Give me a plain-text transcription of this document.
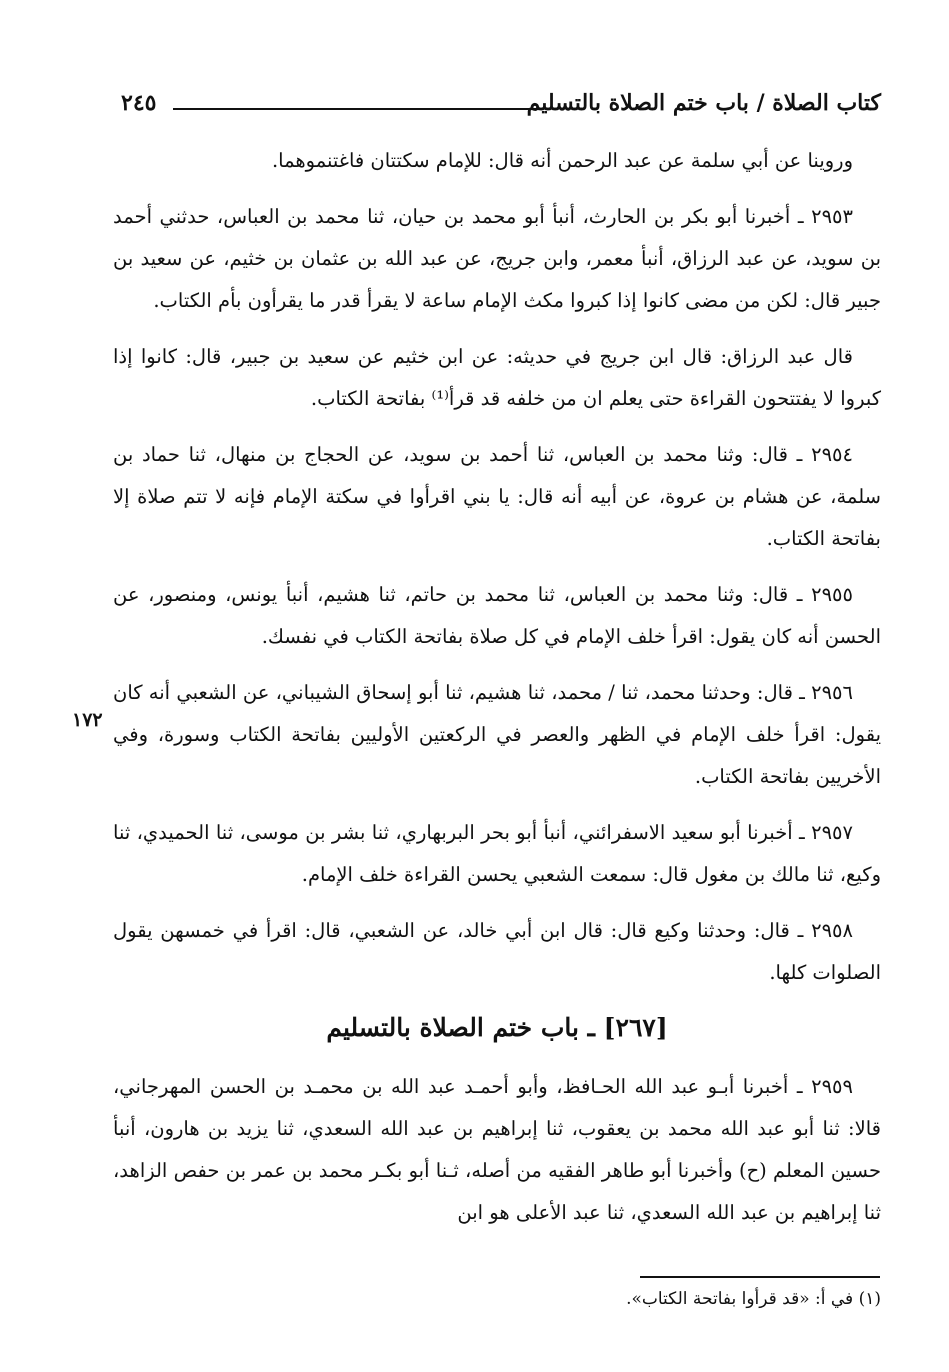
كتاب الصلاة / باب ختم الصلاة بالتسليم
٢٤٥
١٧٢

وروينا عن أبي سلمة عن عبد الرحمن أنه قال: للإمام سكتتان فاغتنموهما.

٢٩٥٣ ـ أخبرنا أبو بكر بن الحارث، أنبأ أبو محمد بن حيان، ثنا محمد بن العباس، حدثني أحمد بن سويد، عن عبد الرزاق، أنبأ معمر، وابن جريج، عن عبد الله بن عثمان بن خثيم، عن سعيد بن جبير قال: لكن من مضى كانوا إذا كبروا مكث الإمام ساعة لا يقرأ قدر ما يقرأون بأم الكتاب.

قال عبد الرزاق: قال ابن جريج في حديثه: عن ابن خثيم عن سعيد بن جبير، قال: كانوا إذا كبروا لا يفتتحون القراءة حتى يعلم ان من خلفه قد قرأ⁽¹⁾ بفاتحة الكتاب.

٢٩٥٤ ـ قال: وثنا محمد بن العباس، ثنا أحمد بن سويد، عن الحجاج بن منهال، ثنا حماد بن سلمة، عن هشام بن عروة، عن أبيه أنه قال: يا بني اقرأوا في سكتة الإمام فإنه لا تتم صلاة إلا بفاتحة الكتاب.

٢٩٥٥ ـ قال: وثنا محمد بن العباس، ثنا محمد بن حاتم، ثنا هشيم، أنبأ يونس، ومنصور، عن الحسن أنه كان يقول: اقرأ خلف الإمام في كل صلاة بفاتحة الكتاب في نفسك.

٢٩٥٦ ـ قال: وحدثنا محمد، ثنا / محمد، ثنا هشيم، ثنا أبو إسحاق الشيباني، عن الشعبي أنه كان يقول: اقرأ خلف الإمام في الظهر والعصر في الركعتين الأوليين بفاتحة الكتاب وسورة، وفي الأخريين بفاتحة الكتاب.

٢٩٥٧ ـ أخبرنا أبو سعيد الاسفرائني، أنبأ أبو بحر البربهاري، ثنا بشر بن موسى، ثنا الحميدي، ثنا وكيع، ثنا مالك بن مغول قال: سمعت الشعبي يحسن القراءة خلف الإمام.

٢٩٥٨ ـ قال: وحدثنا وكيع قال: قال ابن أبي خالد، عن الشعبي، قال: اقرأ في خمسهن يقول الصلوات كلها.

[٢٦٧] ـ باب ختم الصلاة بالتسليم

٢٩٥٩ ـ أخبرنا أبـو عبد الله الحـافظ، وأبو أحمـد عبد الله بن محمـد بن الحسن المهرجاني، قالا: ثنا أبو عبد الله محمد بن يعقوب، ثنا إبراهيم بن عبد الله السعدي، ثنا يزيد بن هارون، أنبأ حسين المعلم (ح) وأخبرنا أبو طاهر الفقيه من أصله، ثـنا أبو بكـر محمد بن عمر بن حفص الزاهد، ثنا إبراهيم بن عبد الله السعدي، ثنا عبد الأعلى هو ابن

(١) في أ: «قد قرأوا بفاتحة الكتاب».
